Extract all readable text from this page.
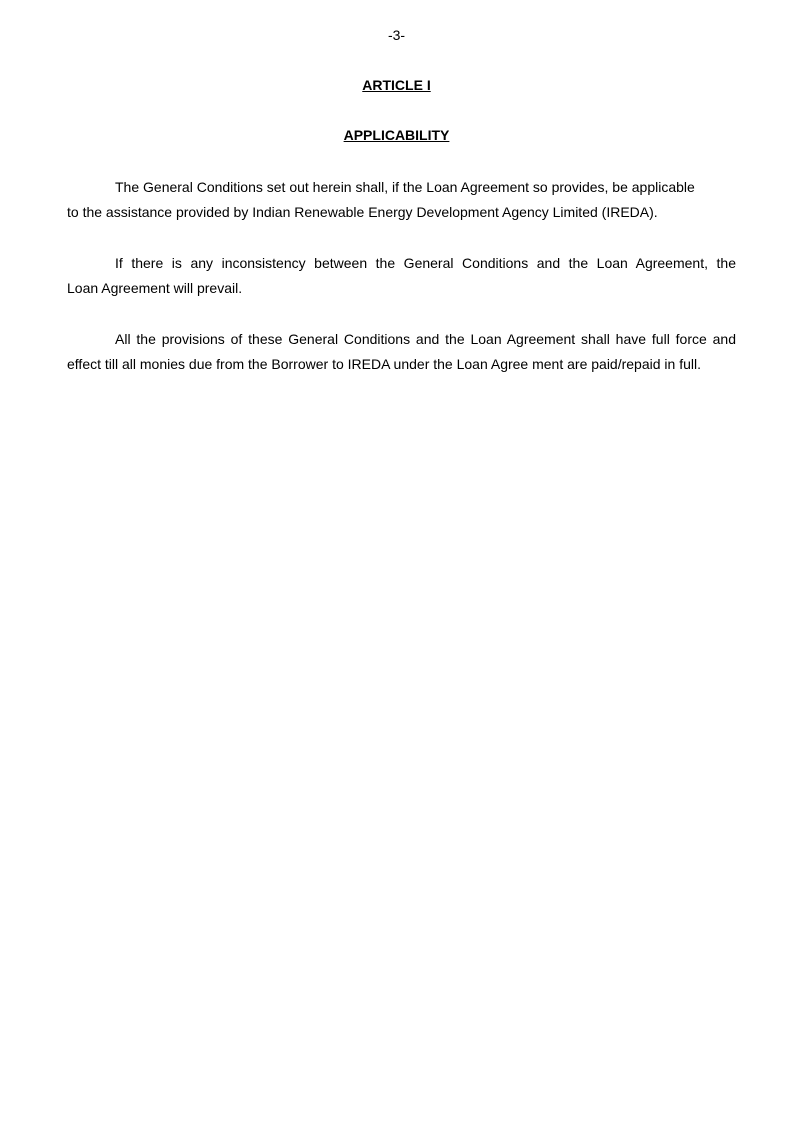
-3-
ARTICLE I
APPLICABILITY
The General Conditions set out herein shall, if the Loan Agreement so provides, be applicable
to the assistance provided by Indian Renewable Energy Development Agency Limited (IREDA).
If there is any inconsistency between the General Conditions and the Loan Agreement, the
Loan Agreement will prevail.
All the provisions of these General Conditions and the Loan Agreement shall have full force and
effect till all monies due from the Borrower to IREDA under the Loan Agree ment are paid/repaid in full.
